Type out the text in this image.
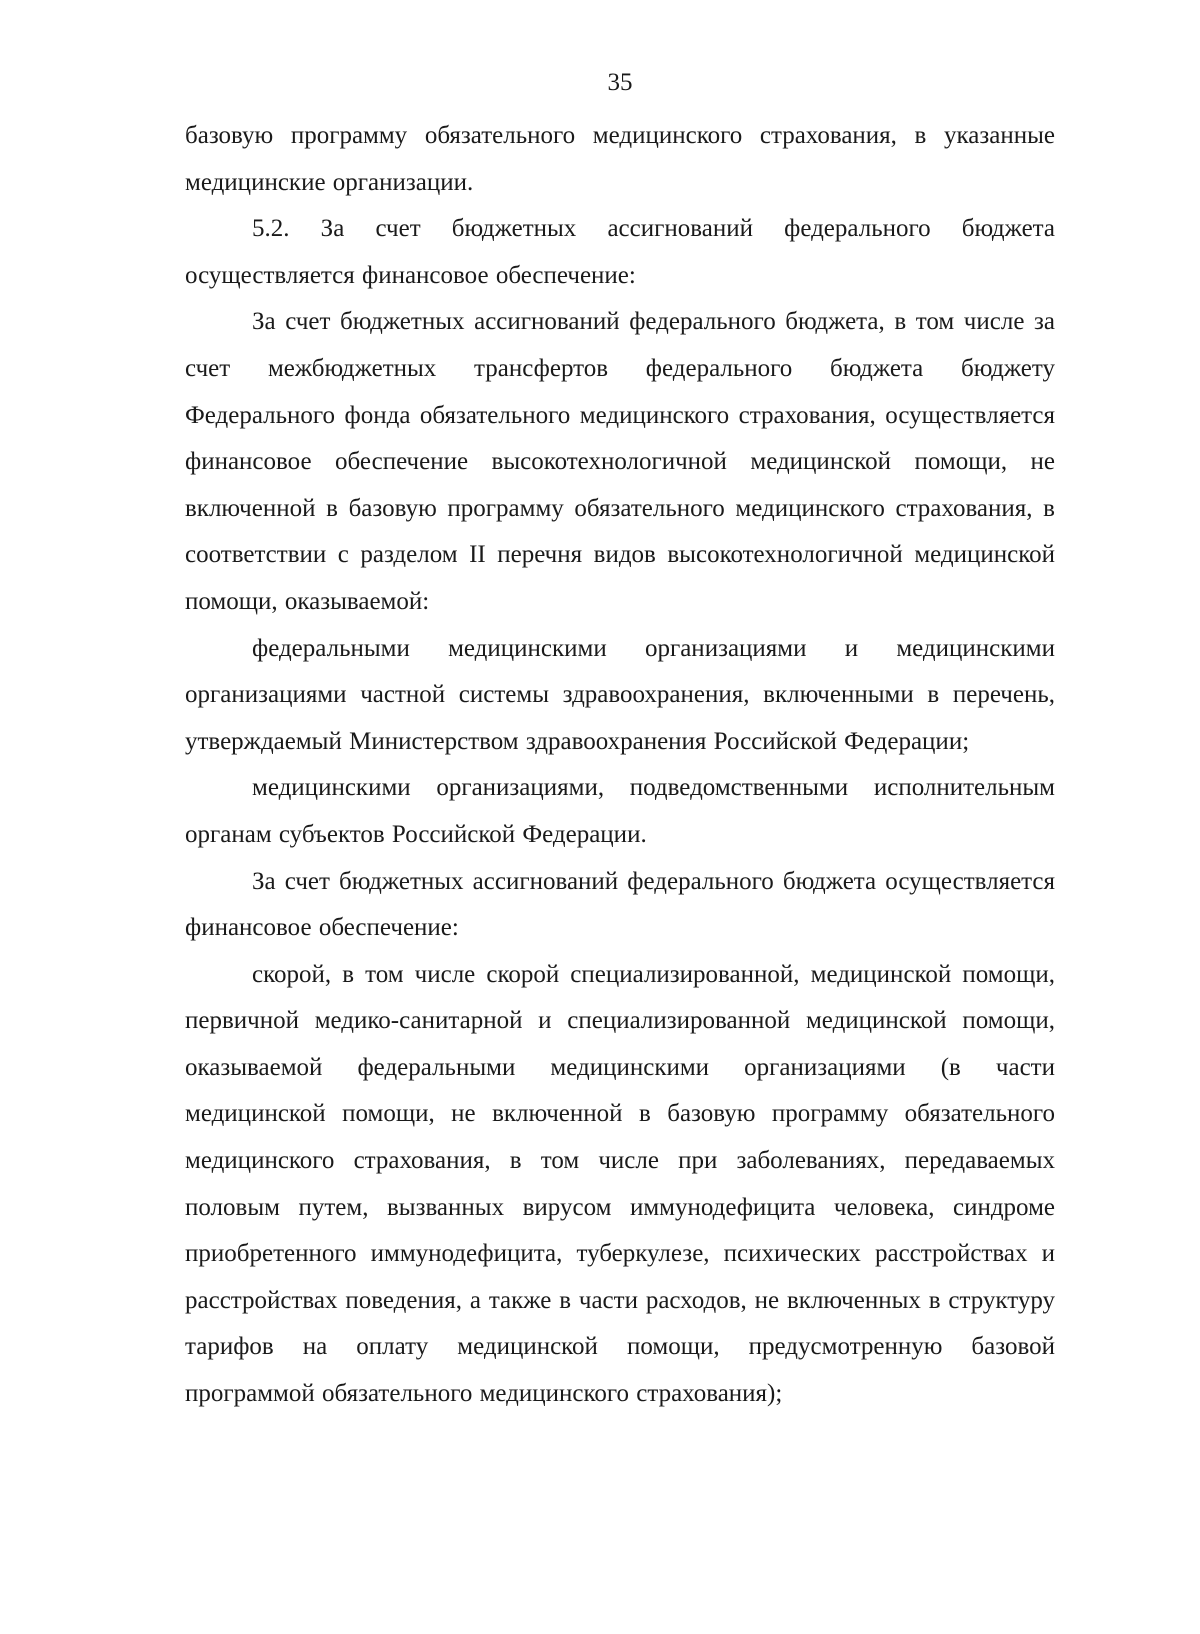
35

базовую программу обязательного медицинского страхования, в указанные медицинские организации.

5.2. За счет бюджетных ассигнований федерального бюджета осуществляется финансовое обеспечение:

За счет бюджетных ассигнований федерального бюджета, в том числе за счет межбюджетных трансфертов федерального бюджета бюджету Федерального фонда обязательного медицинского страхования, осуществляется финансовое обеспечение высокотехнологичной медицинской помощи, не включенной в базовую программу обязательного медицинского страхования, в соответствии с разделом II перечня видов высокотехнологичной медицинской помощи, оказываемой:

федеральными медицинскими организациями и медицинскими организациями частной системы здравоохранения, включенными в перечень, утверждаемый Министерством здравоохранения Российской Федерации;

медицинскими организациями, подведомственными исполнительным органам субъектов Российской Федерации.

За счет бюджетных ассигнований федерального бюджета осуществляется финансовое обеспечение:

скорой, в том числе скорой специализированной, медицинской помощи, первичной медико-санитарной и специализированной медицинской помощи, оказываемой федеральными медицинскими организациями (в части медицинской помощи, не включенной в базовую программу обязательного медицинского страхования, в том числе при заболеваниях, передаваемых половым путем, вызванных вирусом иммунодефицита человека, синдроме приобретенного иммунодефицита, туберкулезе, психических расстройствах и расстройствах поведения, а также в части расходов, не включенных в структуру тарифов на оплату медицинской помощи, предусмотренную базовой программой обязательного медицинского страхования);
